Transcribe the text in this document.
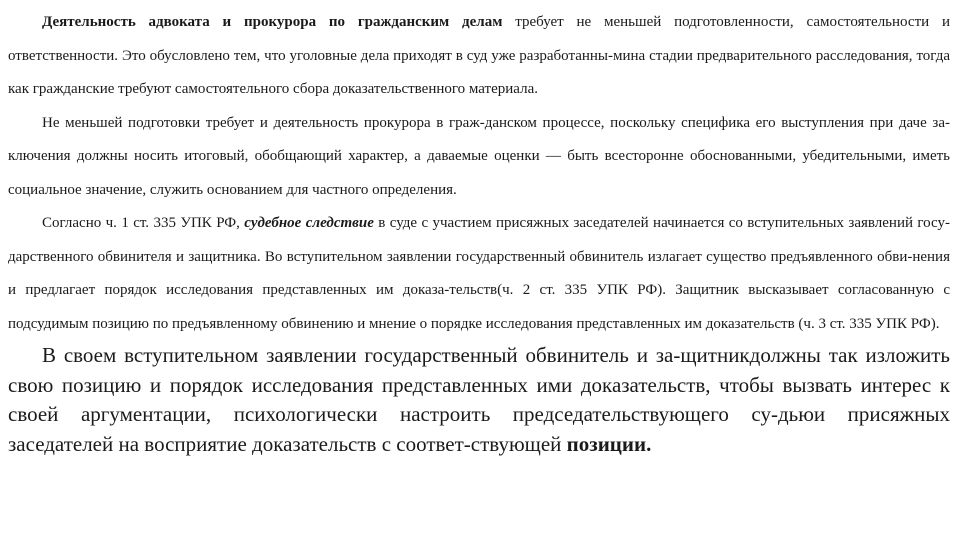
Деятельность адвоката и прокурора по гражданским делам требует не меньшей подготовленности, самостоятельности и ответственности. Это обусловлено тем, что уголовные дела приходят в суд уже разработанны-мина стадии предварительного расследования, тогда как гражданские требуют самостоятельного сбора доказательственного материала.

Не меньшей подготовки требует и деятельность прокурора в граж-данском процессе, поскольку специфика его выступления при даче за-ключения должны носить итоговый, обобщающий характер, а даваемые оценки — быть всесторонне обоснованными, убедительными, иметь социальное значение, служить основанием для частного определения.

Согласно ч. 1 ст. 335 УПК РФ, судебное следствие в суде с участием присяжных заседателей начинается со вступительных заявлений госу-дарственного обвинителя и защитника. Во вступительном заявлении государственный обвинитель излагает существо предъявленного обви-нения и предлагает порядок исследования представленных им доказа-тельств(ч. 2 ст. 335 УПК РФ). Защитник высказывает согласованную с подсудимым позицию по предъявленному обвинению и мнение о порядке исследования представленных им доказательств (ч. 3 ст. 335 УПК РФ).

В своем вступительном заявлении государственный обвинитель и за-щитникдолжны так изложить свою позицию и порядок исследования представленных ими доказательств, чтобы вызвать интерес к своей аргументации, психологически настроить председательствующего су-дьюи присяжных заседателей на восприятие доказательств с соответ-ствующей позиции.
